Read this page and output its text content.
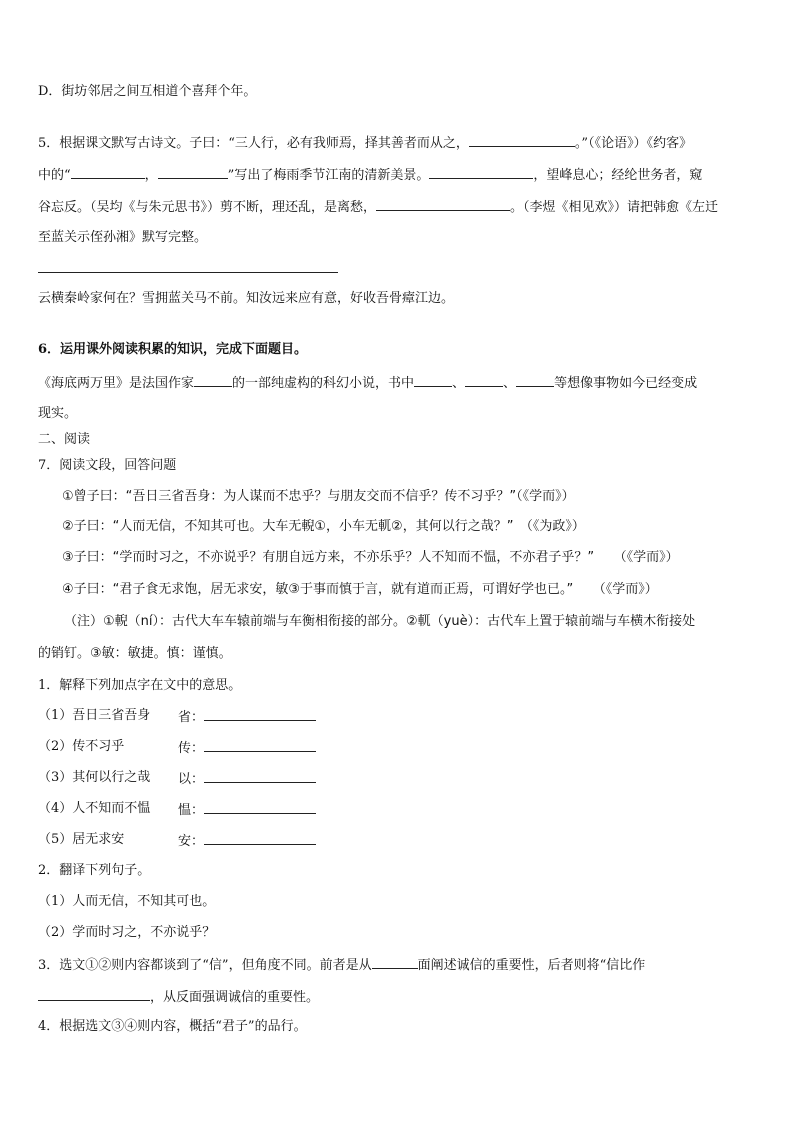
D．街坊邻居之间互相道个喜拜个年。
5．根据课文默写古诗文。子曰：“三人行，必有我师焉，择其善者而从之，	。”（《论语》）《约客》
中的“	，	”写出了梅雨季节江南的清新美景。	，望峰息心；经纶世务者，窥
谷忘反。（吴均《与朱元思书》）剪不断，理还乱，是离愁，	。（李煜《相见欢》）请把韩愈《左迁
至蓝关示侄孙湘》默写完整。
云横秦岭家何在？雪拥蓝关马不前。知汝远来应有意，好收吾骨瘴江边。
6．运用课外阅读积累的知识，完成下面题目。
《海底两万里》是法国作家	的一部纯虚构的科幻小说，书中	、	、	等想像事物如今已经变成
现实。
二、阅读
7．阅读文段，回答问题
①曾子曰：“吾日三省吾身：为人谋而不忠乎？与朋友交而不信乎？传不习乎？”（《学而》）
②子曰：“人而无信，不知其可也。大车无輗①，小车无軏②，其何以行之哉？”　（《为政》）
③子曰：“学而时习之，不亦说乎？有朋自远方来，不亦乐乎？人不知而不愠，不亦君子乎？”　　（《学而》）
④子曰：“君子食无求饱，居无求安，敏③于事而慎于言，就有道而正焉，可谓好学也已。”　　（《学而》）
（注）①輗（ní）：古代大车车辕前端与车衡相衔接的部分。②軏（yuè）：古代车上置于辕前端与车横木衔接处
的销钉。③敏：敏捷。慎：谨慎。
1．解释下列加点字在文中的意思。
（1）吾日三省吾身	省：
（2）传不习乎	传：
（3）其何以行之哉	以：
（4）人不知而不愠	愠：
（5）居无求安	安：
2．翻译下列句子。
（1）人而无信，不知其可也。
（2）学而时习之，不亦说乎？
3．选文①②则内容都谈到了“信”，但角度不同。前者是从	面阐述诚信的重要性，后者则将“信比作
，从反面强调诚信的重要性。
4．根据选文③④则内容，概括“君子”的品行。
